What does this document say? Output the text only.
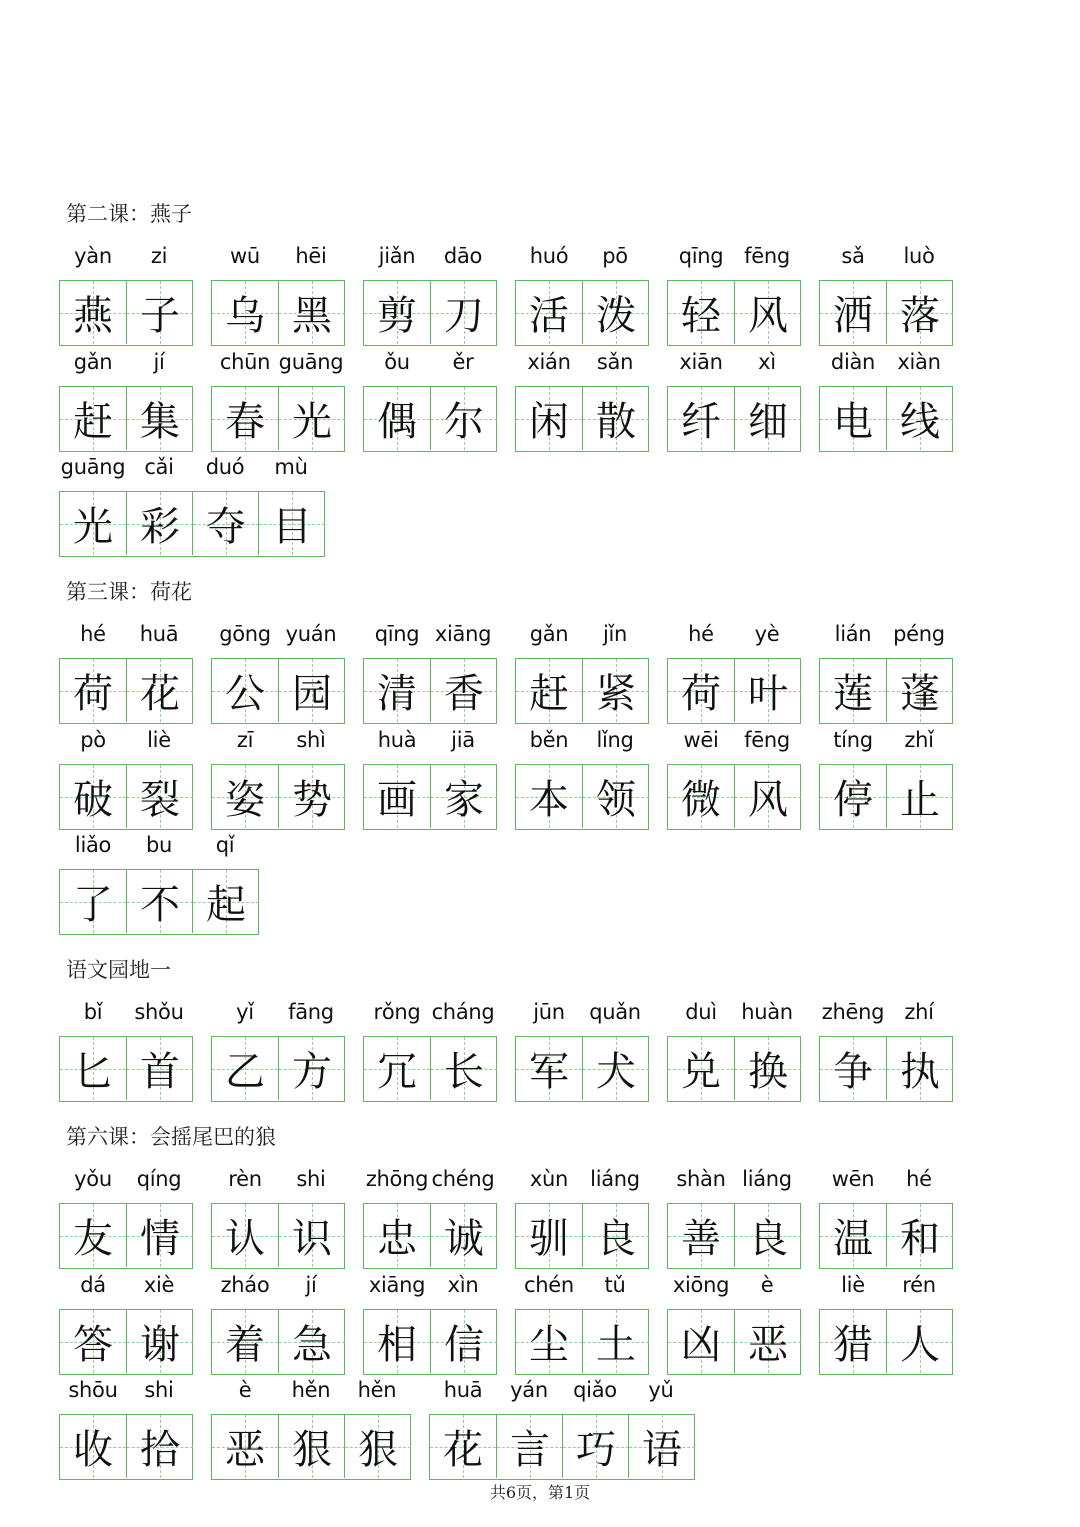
第二课：燕子
yàn	zi
燕 子
wū	hēi
乌 黑
jiǎn	dāo
剪 刀
huó	pō
活 泼
qīng fēng
轻 风
sǎ	luò
洒 落
gǎn	jí
赶 集
chūn guāng
春 光
ǒu	ěr
偶 尔
xián	sǎn
闲 散
xiān	xì
纤 细
diàn	xiàn
电 线
guāng cǎi	duó	mù
光 彩 夺 目
第三课：荷花
hé	huā
荷 花
gōng yuán
公 园
qīng xiāng
清 香
gǎn	jǐn
赶 紧
hé	yè
荷 叶
lián	péng
莲 蓬
pò	liè
破 裂
zī	shì
姿 势
huà	jiā
画 家
běn	lǐng
本 领
wēi	fēng
微 风
tíng	zhǐ
停 止
liǎo	bu	qǐ
了 不 起
语文园地一
bǐ	shǒu
匕 首
yǐ	fāng
乙 方
rǒng cháng
冗 长
jūn	quǎn
军 犬
duì	huàn
兑 换
zhēng zhí
争 执
第六课：会摇尾巴的狼
yǒu	qíng
友 情
rèn	shi
认 识
zhōng chéng
忠 诚
xùn	liáng
驯 良
shàn liáng
善 良
wēn	hé
温 和
dá	xiè
答 谢
zháo	jí
着 急
xiāng	xìn
相 信
chén	tǔ
尘 土
xiōng	è
凶 恶
liè	rén
猎 人
shōu	shi
收 拾
è	hěn	hěn
恶 狠 狠
huā	yán	qiǎo	yǔ
花 言 巧 语
共6页，第1页
